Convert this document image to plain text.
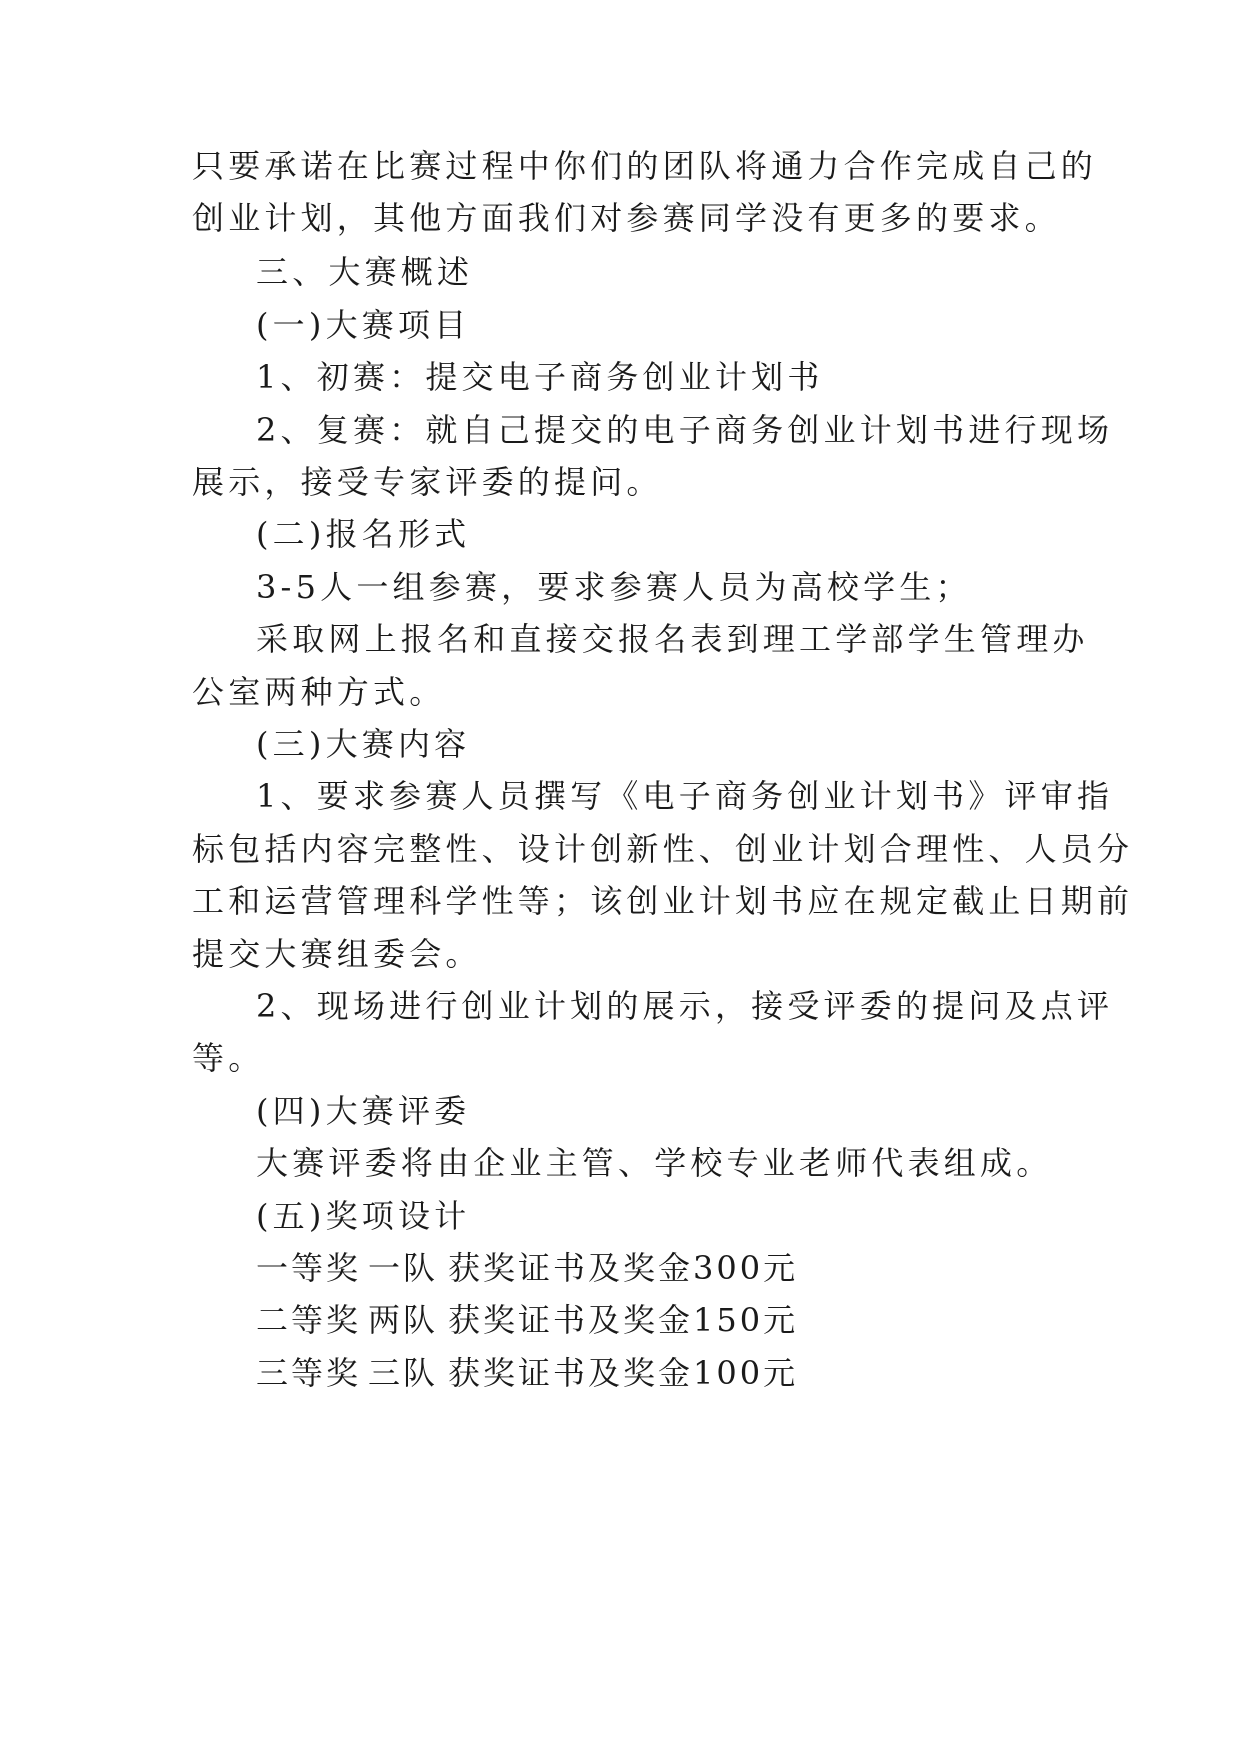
只要承诺在比赛过程中你们的团队将通力合作完成自己的
创业计划，其他方面我们对参赛同学没有更多的要求。
三、大赛概述
(一)大赛项目
1、初赛：提交电子商务创业计划书
2、复赛：就自己提交的电子商务创业计划书进行现场
展示，接受专家评委的提问。
(二)报名形式
3-5人一组参赛，要求参赛人员为高校学生；
采取网上报名和直接交报名表到理工学部学生管理办
公室两种方式。
(三)大赛内容
1、要求参赛人员撰写《电子商务创业计划书》评审指
标包括内容完整性、设计创新性、创业计划合理性、人员分
工和运营管理科学性等；该创业计划书应在规定截止日期前
提交大赛组委会。
2、现场进行创业计划的展示，接受评委的提问及点评
等。
(四)大赛评委
大赛评委将由企业主管、学校专业老师代表组成。
(五)奖项设计
一等奖 一队 获奖证书及奖金300元
二等奖 两队 获奖证书及奖金150元
三等奖 三队 获奖证书及奖金100元
